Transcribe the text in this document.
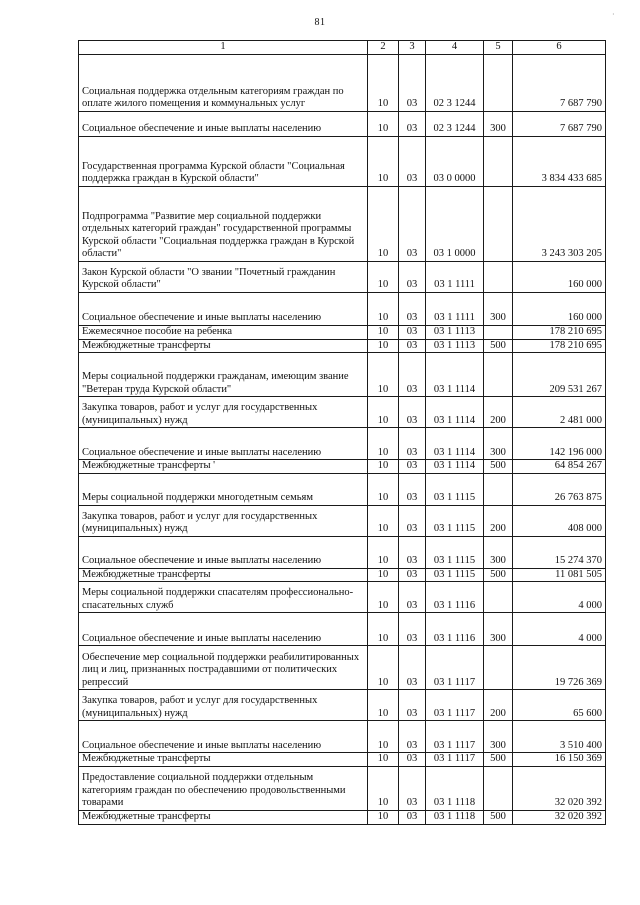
81
·
1	2	3	4	5	6
Социальная поддержка отдельным категориям граждан по оплате жилого помещения и коммунальных услуг	10	03	02 3 1244		7 687 790
Социальное обеспечение и иные выплаты населению	10	03	02 3 1244	300	7 687 790
Государственная программа Курской области "Социальная поддержка граждан в Курской области"	10	03	03 0 0000		3 834 433 685
Подпрограмма "Развитие мер социальной поддержки отдельных категорий граждан" государственной программы Курской области "Социальная поддержка граждан в Курской области"	10	03	03 1 0000		3 243 303 205
Закон Курской области "О звании "Почетный гражданин Курской области"	10	03	03 1 1111		160 000
Социальное обеспечение и иные выплаты населению	10	03	03 1 1111	300	160 000
Ежемесячное пособие на ребенка	10	03	03 1 1113		178 210 695
Межбюджетные трансферты	10	03	03 1 1113	500	178 210 695
Меры социальной поддержки гражданам, имеющим звание "Ветеран труда Курской области"	10	03	03 1 1114		209 531 267
Закупка товаров, работ и услуг для государственных (муниципальных) нужд	10	03	03 1 1114	200	2 481 000
Социальное обеспечение и иные выплаты населению	10	03	03 1 1114	300	142 196 000
Межбюджетные трансферты '	10	03	03 1 1114	500	64 854 267
Меры социальной поддержки многодетным семьям	10	03	03 1 1115		26 763 875
Закупка товаров, работ и услуг для государственных (муниципальных) нужд	10	03	03 1 1115	200	408 000
Социальное обеспечение и иные выплаты населению	10	03	03 1 1115	300	15 274 370
Межбюджетные трансферты	10	03	03 1 1115	500	11 081 505
Меры социальной поддержки спасателям профессионально-спасательных служб	10	03	03 1 1116		4 000
Социальное обеспечение и иные выплаты населению	10	03	03 1 1116	300	4 000
Обеспечение мер социальной поддержки реабилитированных лиц и лиц, признанных пострадавшими от политических репрессий	10	03	03 1 1117		19 726 369
Закупка товаров, работ и услуг для государственных (муниципальных) нужд	10	03	03 1 1117	200	65 600
Социальное обеспечение и иные выплаты населению	10	03	03 1 1117	300	3 510 400
Межбюджетные трансферты	10	03	03 1 1117	500	16 150 369
Предоставление социальной поддержки отдельным категориям граждан по обеспечению продовольственными товарами	10	03	03 1 1118		32 020 392
Межбюджетные трансферты	10	03	03 1 1118	500	32 020 392
